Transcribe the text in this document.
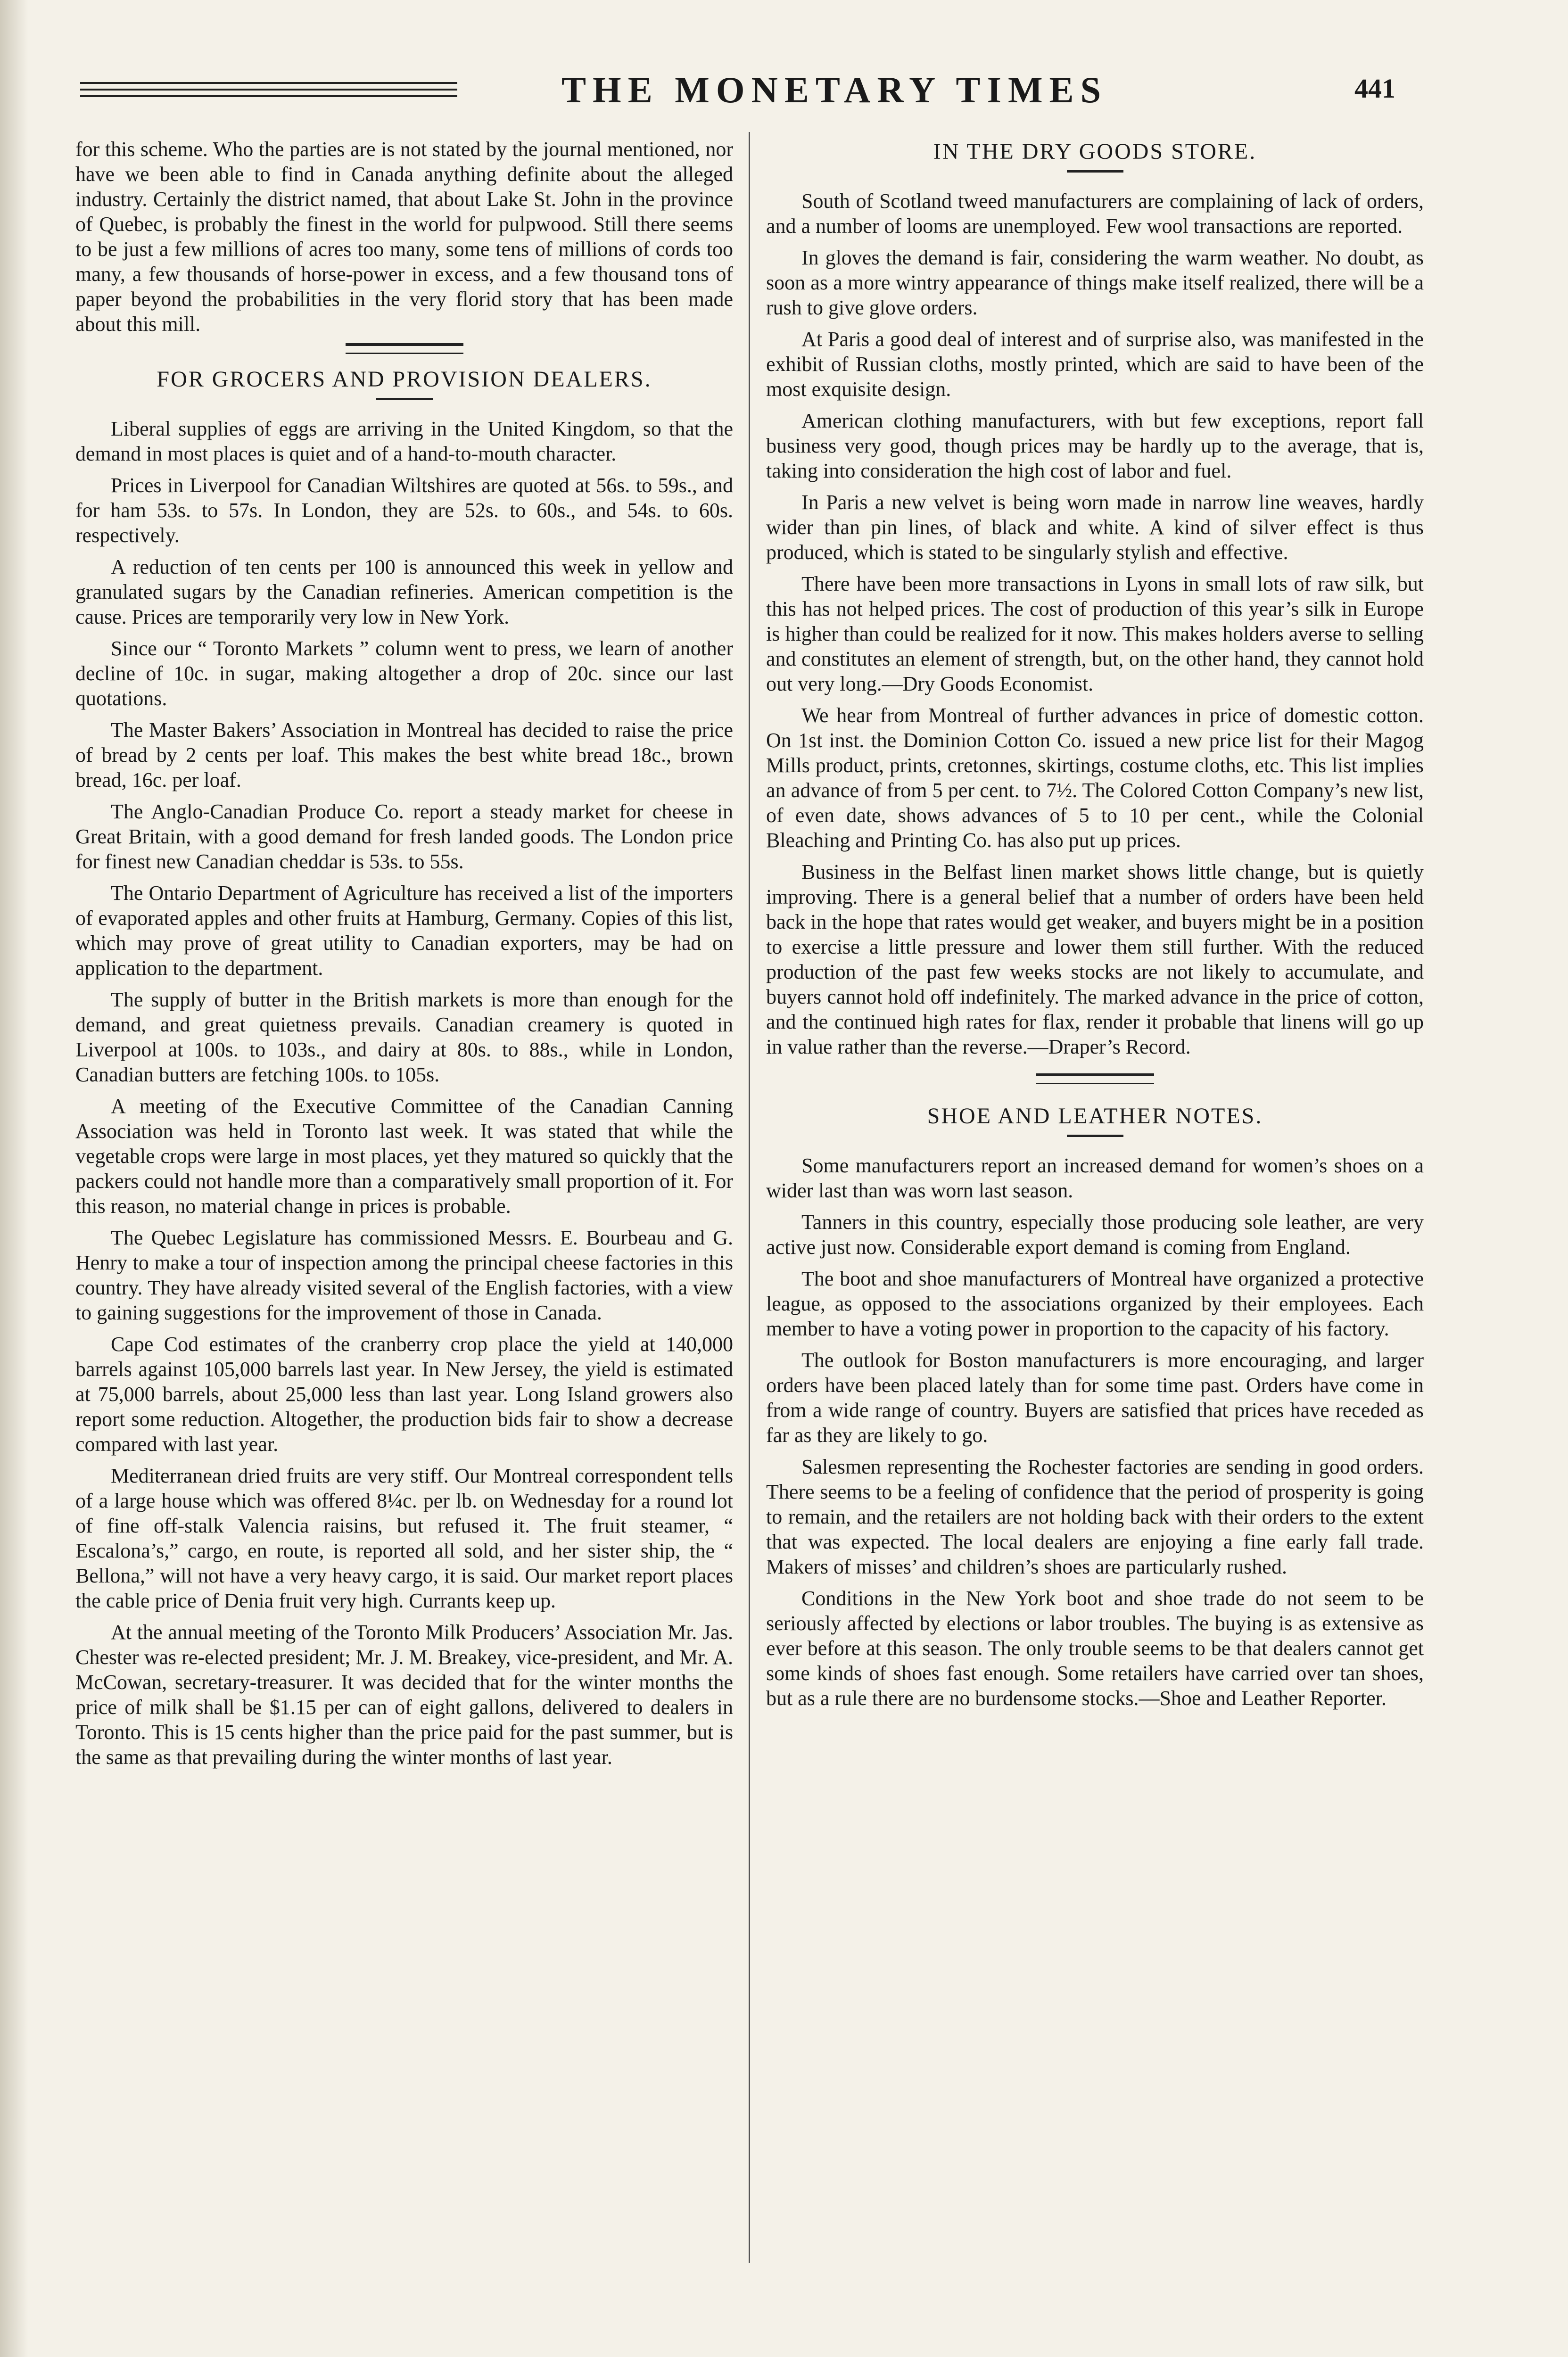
THE MONETARY TIMES	441

for this scheme. Who the parties are is not stated by the journal mentioned, nor have we been able to find in Canada anything definite about the alleged industry. Certainly the district named, that about Lake St. John in the province of Quebec, is probably the finest in the world for pulpwood. Still there seems to be just a few millions of acres too many, some tens of millions of cords too many, a few thousands of horse-power in excess, and a few thousand tons of paper beyond the probabilities in the very florid story that has been made about this mill.

FOR GROCERS AND PROVISION DEALERS.

Liberal supplies of eggs are arriving in the United Kingdom, so that the demand in most places is quiet and of a hand-to-mouth character.

Prices in Liverpool for Canadian Wiltshires are quoted at 56s. to 59s., and for ham 53s. to 57s. In London, they are 52s. to 60s., and 54s. to 60s. respectively.

A reduction of ten cents per 100 is announced this week in yellow and granulated sugars by the Canadian refineries. American competition is the cause. Prices are temporarily very low in New York.

Since our “ Toronto Markets ” column went to press, we learn of another decline of 10c. in sugar, making altogether a drop of 20c. since our last quotations.

The Master Bakers’ Association in Montreal has decided to raise the price of bread by 2 cents per loaf. This makes the best white bread 18c., brown bread, 16c. per loaf.

The Anglo-Canadian Produce Co. report a steady market for cheese in Great Britain, with a good demand for fresh landed goods. The London price for finest new Canadian cheddar is 53s. to 55s.

The Ontario Department of Agriculture has received a list of the importers of evaporated apples and other fruits at Hamburg, Germany. Copies of this list, which may prove of great utility to Canadian exporters, may be had on application to the department.

The supply of butter in the British markets is more than enough for the demand, and great quietness prevails. Canadian creamery is quoted in Liverpool at 100s. to 103s., and dairy at 80s. to 88s., while in London, Canadian butters are fetching 100s. to 105s.

A meeting of the Executive Committee of the Canadian Canning Association was held in Toronto last week. It was stated that while the vegetable crops were large in most places, yet they matured so quickly that the packers could not handle more than a comparatively small proportion of it. For this reason, no material change in prices is probable.

The Quebec Legislature has commissioned Messrs. E. Bourbeau and G. Henry to make a tour of inspection among the principal cheese factories in this country. They have already visited several of the English factories, with a view to gaining suggestions for the improvement of those in Canada.

Cape Cod estimates of the cranberry crop place the yield at 140,000 barrels against 105,000 barrels last year. In New Jersey, the yield is estimated at 75,000 barrels, about 25,000 less than last year. Long Island growers also report some reduction. Altogether, the production bids fair to show a decrease compared with last year.

Mediterranean dried fruits are very stiff. Our Montreal correspondent tells of a large house which was offered 8¼c. per lb. on Wednesday for a round lot of fine off-stalk Valencia raisins, but refused it. The fruit steamer, “ Escalona’s,” cargo, en route, is reported all sold, and her sister ship, the “ Bellona,” will not have a very heavy cargo, it is said. Our market report places the cable price of Denia fruit very high. Currants keep up.

At the annual meeting of the Toronto Milk Producers’ Association Mr. Jas. Chester was re-elected president; Mr. J. M. Breakey, vice-president, and Mr. A. McCowan, secretary-treasurer. It was decided that for the winter months the price of milk shall be $1.15 per can of eight gallons, delivered to dealers in Toronto. This is 15 cents higher than the price paid for the past summer, but is the same as that prevailing during the winter months of last year.

IN THE DRY GOODS STORE.

South of Scotland tweed manufacturers are complaining of lack of orders, and a number of looms are unemployed. Few wool transactions are reported.

In gloves the demand is fair, considering the warm weather. No doubt, as soon as a more wintry appearance of things make itself realized, there will be a rush to give glove orders.

At Paris a good deal of interest and of surprise also, was manifested in the exhibit of Russian cloths, mostly printed, which are said to have been of the most exquisite design.

American clothing manufacturers, with but few exceptions, report fall business very good, though prices may be hardly up to the average, that is, taking into consideration the high cost of labor and fuel.

In Paris a new velvet is being worn made in narrow line weaves, hardly wider than pin lines, of black and white. A kind of silver effect is thus produced, which is stated to be singularly stylish and effective.

There have been more transactions in Lyons in small lots of raw silk, but this has not helped prices. The cost of production of this year’s silk in Europe is higher than could be realized for it now. This makes holders averse to selling and constitutes an element of strength, but, on the other hand, they cannot hold out very long.—Dry Goods Economist.

We hear from Montreal of further advances in price of domestic cotton. On 1st inst. the Dominion Cotton Co. issued a new price list for their Magog Mills product, prints, cretonnes, skirtings, costume cloths, etc. This list implies an advance of from 5 per cent. to 7½. The Colored Cotton Company’s new list, of even date, shows advances of 5 to 10 per cent., while the Colonial Bleaching and Printing Co. has also put up prices.

Business in the Belfast linen market shows little change, but is quietly improving. There is a general belief that a number of orders have been held back in the hope that rates would get weaker, and buyers might be in a position to exercise a little pressure and lower them still further. With the reduced production of the past few weeks stocks are not likely to accumulate, and buyers cannot hold off indefinitely. The marked advance in the price of cotton, and the continued high rates for flax, render it probable that linens will go up in value rather than the reverse.—Draper’s Record.

SHOE AND LEATHER NOTES.

Some manufacturers report an increased demand for women’s shoes on a wider last than was worn last season.

Tanners in this country, especially those producing sole leather, are very active just now. Considerable export demand is coming from England.

The boot and shoe manufacturers of Montreal have organized a protective league, as opposed to the associations organized by their employees. Each member to have a voting power in proportion to the capacity of his factory.

The outlook for Boston manufacturers is more encouraging, and larger orders have been placed lately than for some time past. Orders have come in from a wide range of country. Buyers are satisfied that prices have receded as far as they are likely to go.

Salesmen representing the Rochester factories are sending in good orders. There seems to be a feeling of confidence that the period of prosperity is going to remain, and the retailers are not holding back with their orders to the extent that was expected. The local dealers are enjoying a fine early fall trade. Makers of misses’ and children’s shoes are particularly rushed.

Conditions in the New York boot and shoe trade do not seem to be seriously affected by elections or labor troubles. The buying is as extensive as ever before at this season. The only trouble seems to be that dealers cannot get some kinds of shoes fast enough. Some retailers have carried over tan shoes, but as a rule there are no burdensome stocks.—Shoe and Leather Reporter.
